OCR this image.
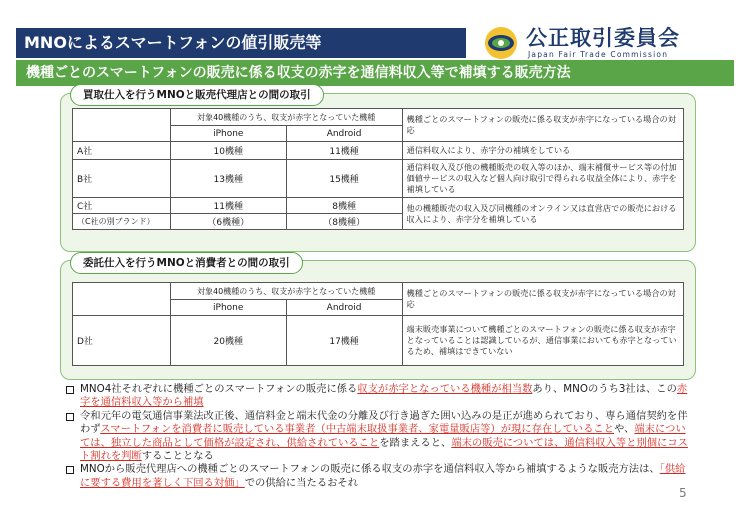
MNOによるスマートフォンの値引販売等	公正取引委員会
Japan Fair Trade Commission
機種ごとのスマートフォンの販売に係る収支の赤字を通信料収入等で補填する販売方法
買取仕入を行うMNOと販売代理店との間の取引
	対象40機種のうち、収支が赤字となっていた機種		機種ごとのスマートフォンの販売に係る収支が赤字になっている場合の対応
	iPhone	Android	
A社	10機種	11機種	通信料収入により、赤字分の補填をしている
B社	13機種	15機種	通信料収入及び他の機種販売の収入等のほか、端末補償サービス等の付加価値サービスの収入など個人向け取引で得られる収益全体により、赤字を補填している
C社	11機種	8機種	他の機種販売の収入及び同機種のオンライン又は直営店での販売における収入により、赤字分を補填している
（C社の別ブランド）	（6機種）	（8機種）	
委託仕入を行うMNOと消費者との間の取引
	対象40機種のうち、収支が赤字となっていた機種		機種ごとのスマートフォンの販売に係る収支が赤字になっている場合の対応
	iPhone	Android	
D社	20機種	17機種	端末販売事業について機種ごとのスマートフォンの販売に係る収支が赤字となっていることは認識しているが、通信事業においても赤字となっているため、補填はできていない
MNO4社それぞれに機種ごとのスマートフォンの販売に係る収支が赤字となっている機種が相当数あり、MNOのうち3社は、この赤字を通信料収入等から補填
令和元年の電気通信事業法改正後、通信料金と端末代金の分離及び行き過ぎた囲い込みの是正が進められており、専ら通信契約を伴わずスマートフォンを消費者に販売している事業者（中古端末取扱事業者、家電量販店等）が現に存在していることや、端末については、独立した商品として価格が設定され、供給されていることを踏まえると、端末の販売については、通信料収入等と別個にコスト割れを判断することとなる
MNOから販売代理店への機種ごとのスマートフォンの販売に係る収支の赤字を通信料収入等から補填するような販売方法は、「供給に要する費用を著しく下回る対価」での供給に当たるおそれ
5
